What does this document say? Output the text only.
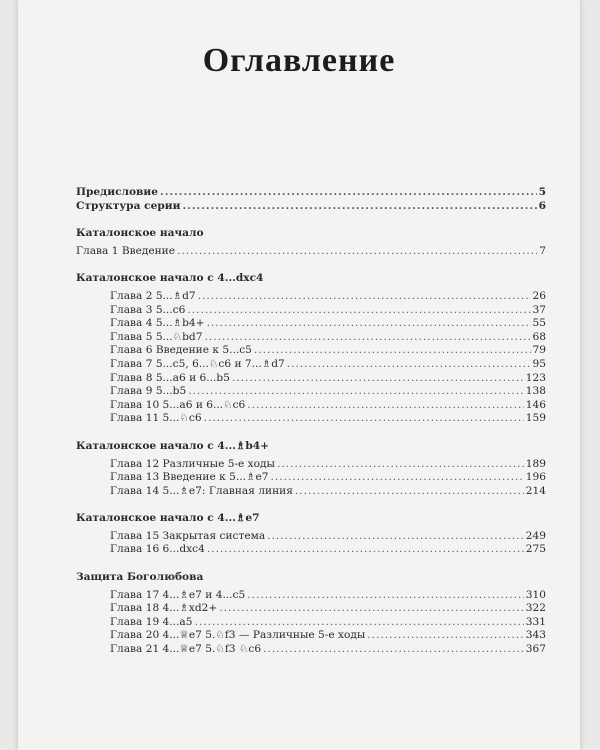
Оглавление
Предисловие .....	5
Структура серии .....	6
Каталонское начало
Глава 1 Введение .....	7
Каталонское начало с 4...dxc4
Глава 2 5...♗d7 .....	26
Глава 3 5...c6 .....	37
Глава 4 5...♗b4+ .....	55
Глава 5 5...♘bd7 .....	68
Глава 6 Введение к 5...c5 .....	79
Глава 7 5...c5, 6...♘c6 и 7...♗d7 .....	95
Глава 8 5...a6 и 6...b5 .....	123
Глава 9 5...b5 .....	138
Глава 10 5...a6 и 6...♘c6 .....	146
Глава 11 5...♘c6 .....	159
Каталонское начало с 4...♗b4+
Глава 12 Различные 5-е ходы .....	189
Глава 13 Введение к 5...♗e7 .....	196
Глава 14 5...♗e7: Главная линия .....	214
Каталонское начало с 4...♗e7
Глава 15 Закрытая система .....	249
Глава 16 6...dxc4 .....	275
Защита Боголюбова
Глава 17 4...♗e7 и 4...c5 .....	310
Глава 18 4...♗xd2+ .....	322
Глава 19 4...a5 .....	331
Глава 20 4...♕e7 5.♘f3 — Различные 5-е ходы .....	343
Глава 21 4...♕e7 5.♘f3 ♘c6 .....	367
